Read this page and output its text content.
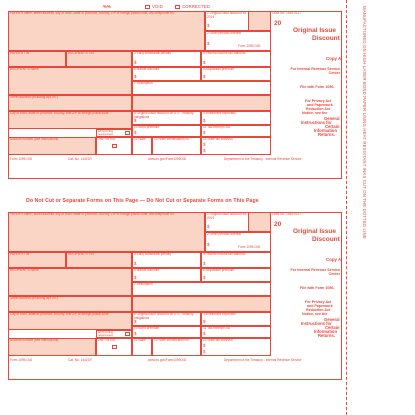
%%	VOID	CORRECTED
PAYER'S name, street address, city or town, state or province, country, ZIP or foreign postal code, and telephone no.	1 Original issue discount for 2019
$
OMB No. 1545-0117
20
2 Other periodic interest
$	Form 1099-OID
Original Issue
Discount
PAYER'S TIN	RECIPIENT'S TIN	3 Early withdrawal penalty
$
4 Federal income tax withheld
$
Copy A
RECIPIENT'S name	5 Market discount
$
6 Acquisition premium
$
For Internal Revenue Service Center
7 Description
File with Form 1096.
Street address (including apt. no.)
City or town, state or province, country, and ZIP or foreign postal code	8 Original issue discount on U.S. Treasury obligations
$
9 Investment expenses
$
FATCA filing requirement
10 Bond premium
$
11 Tax-exempt OID
$
For Privacy Act
and Paperwork
Reduction Act
Notice, see the
General
Instructions for
Certain
Information
Returns.
Account number (see instructions)	2nd TIN not.	12 State	13 State identification no.	14 State tax withheld
$
$
Form 1099-OID	Cat. No. 14421R	www.irs.gov/Form1099OID	Department of the Treasury - Internal Revenue Service
Do Not Cut or Separate Forms on This Page — Do Not Cut or Separate Forms on This Page
PAYER'S name, street address, city or town, state or province, country, ZIP or foreign postal code, and telephone no.	1 Original issue discount for 2019
$
OMB No. 1545-0117
20
2 Other periodic interest
$	Form 1099-OID
Original Issue
Discount
PAYER'S TIN	RECIPIENT'S TIN	3 Early withdrawal penalty
$
4 Federal income tax withheld
$
Copy A
RECIPIENT'S name	5 Market discount
$
6 Acquisition premium
$
For Internal Revenue Service Center
7 Description
File with Form 1096.
Street address (including apt. no.)
City or town, state or province, country, and ZIP or foreign postal code	8 Original issue discount on U.S. Treasury obligations
$
9 Investment expenses
$
FATCA filing requirement
10 Bond premium
$
11 Tax-exempt OID
$
For Privacy Act
and Paperwork
Reduction Act
Notice, see the
General
Instructions for
Certain
Information
Returns.
Account number (see instructions)	2nd TIN not.	12 State	13 State identification no.	14 State tax withheld
$
$
Form 1099-OID	Cat. No. 14421R	www.irs.gov/Form1099OID	Department of the Treasury - Internal Revenue Service
MANUFACTURED ON HIGH LASER BOND PAPER USING HEAT RESISTANT INKS CUT ON THE DOTTED LINE
